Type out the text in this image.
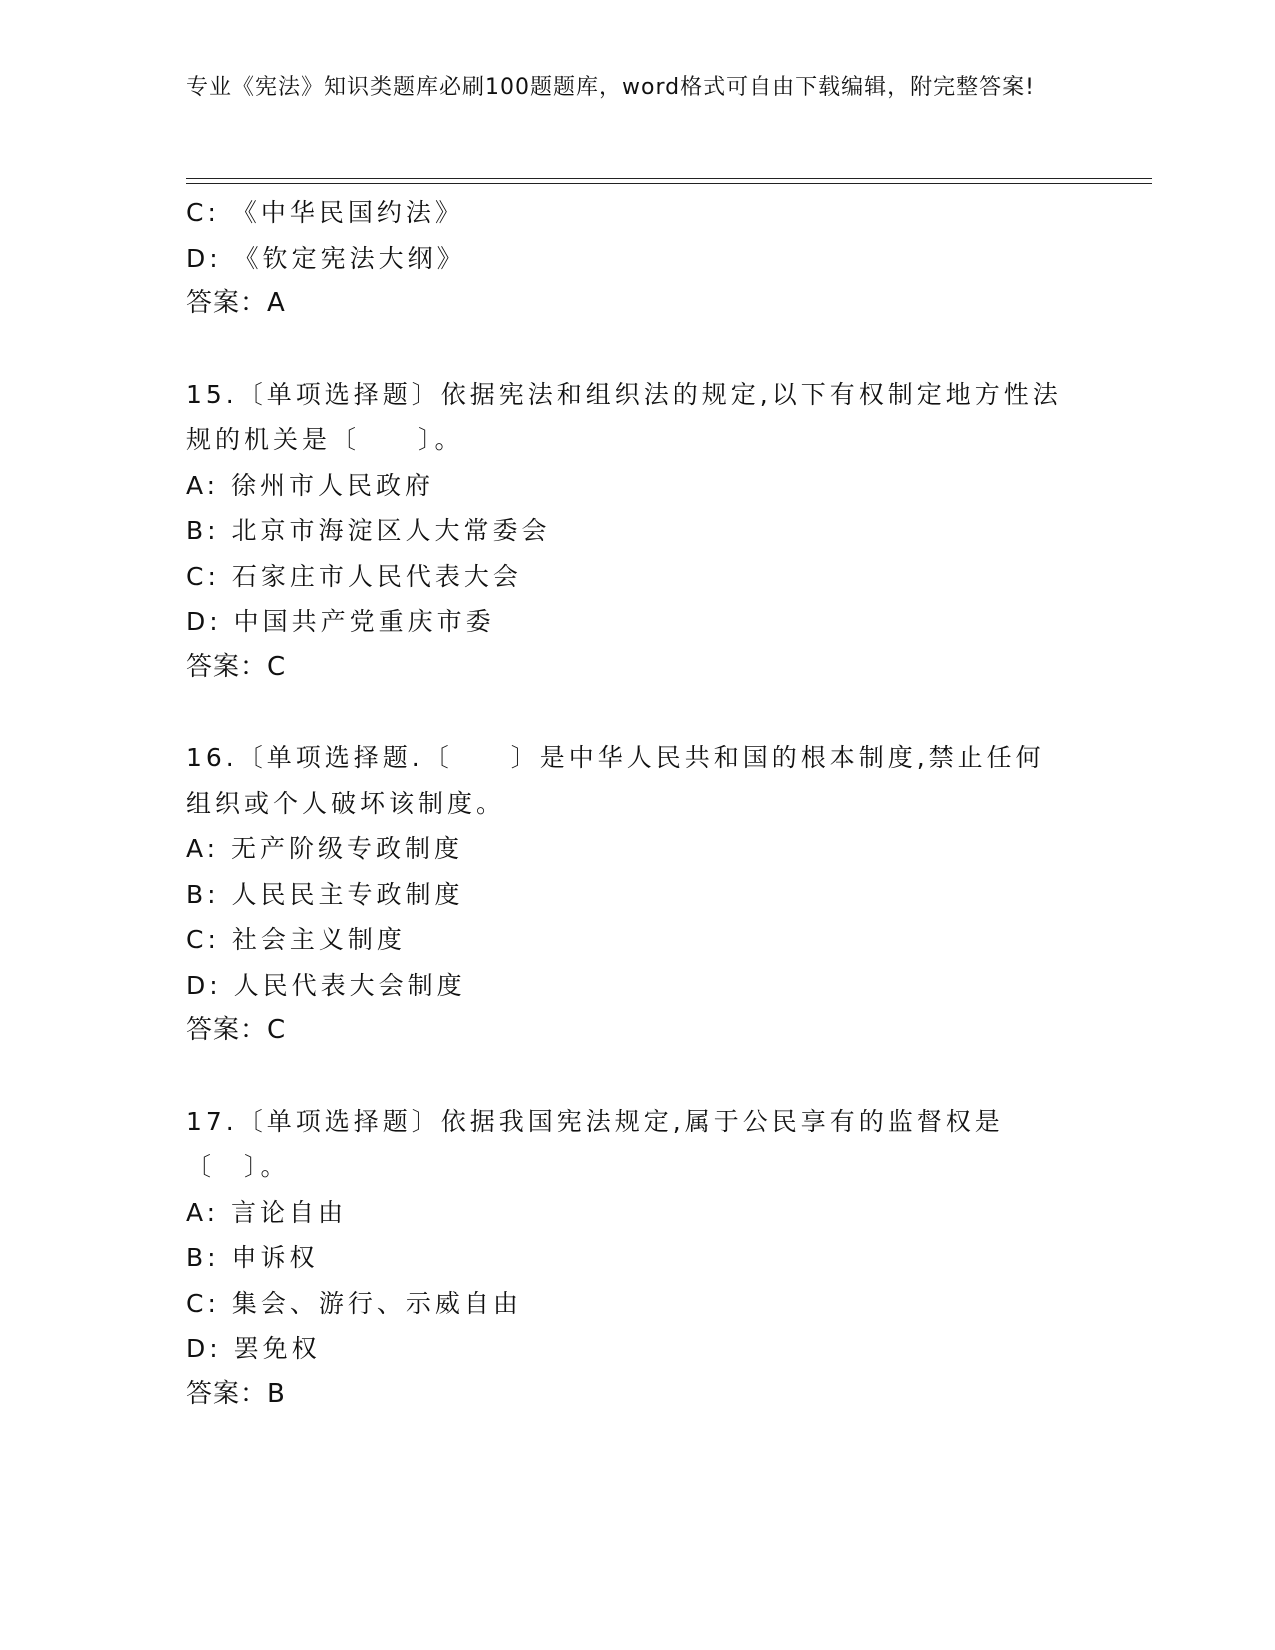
专业《宪法》知识类题库必刷100题题库，word格式可自由下载编辑，附完整答案!
C: 《中华民国约法》
D: 《钦定宪法大纲》
答案：A
15.〔单项选择题〕依据宪法和组织法的规定,以下有权制定地方性法规的机关是〔　　〕。
A: 徐州市人民政府
B: 北京市海淀区人大常委会
C: 石家庄市人民代表大会
D: 中国共产党重庆市委
答案：C
16.〔单项选择题.〔　　〕是中华人民共和国的根本制度,禁止任何组织或个人破坏该制度。
A: 无产阶级专政制度
B: 人民民主专政制度
C: 社会主义制度
D: 人民代表大会制度
答案：C
17.〔单项选择题〕依据我国宪法规定,属于公民享有的监督权是〔　〕。
A: 言论自由
B: 申诉权
C: 集会、游行、示威自由
D: 罢免权
答案：B
